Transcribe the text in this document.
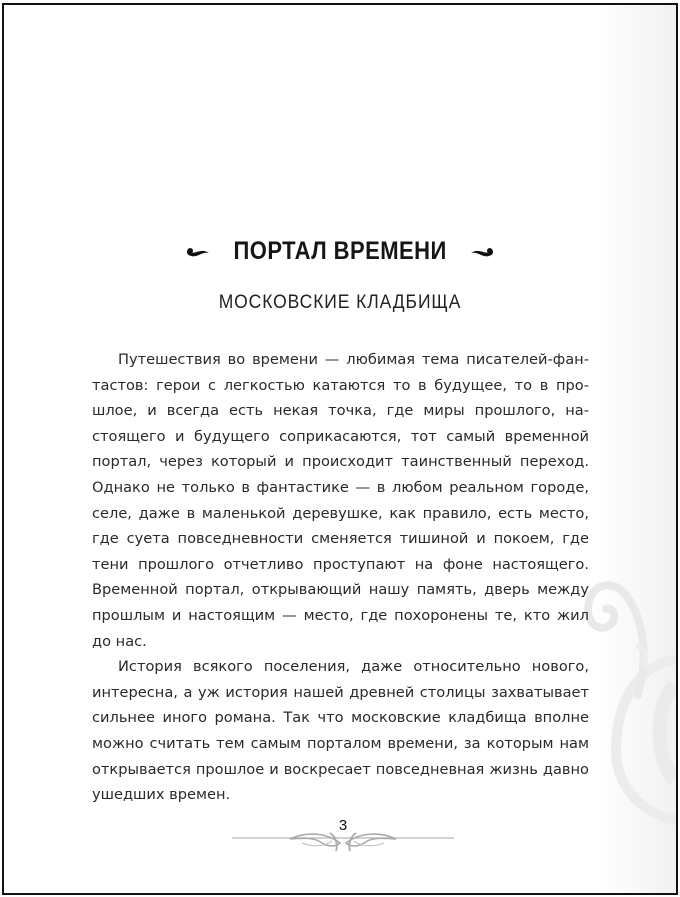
ПОРТАЛ ВРЕМЕНИ
МОСКОВСКИЕ КЛАДБИЩА
Путешествия во времени — любимая тема писателей-фан-
тастов: герои с легкостью катаются то в будущее, то в про-
шлое, и всегда есть некая точка, где миры прошлого, на-
стоящего и будущего соприкасаются, тот самый временной
портал, через который и происходит таинственный переход.
Однако не только в фантастике — в любом реальном городе,
селе, даже в маленькой деревушке, как правило, есть место,
где суета повседневности сменяется тишиной и покоем, где
тени прошлого отчетливо проступают на фоне настоящего.
Временной портал, открывающий нашу память, дверь между
прошлым и настоящим — место, где похоронены те, кто жил
до нас.
История всякого поселения, даже относительно нового,
интересна, а уж история нашей древней столицы захватывает
сильнее иного романа. Так что московские кладбища вполне
можно считать тем самым порталом времени, за которым нам
открывается прошлое и воскресает повседневная жизнь давно
ушедших времен.
3
